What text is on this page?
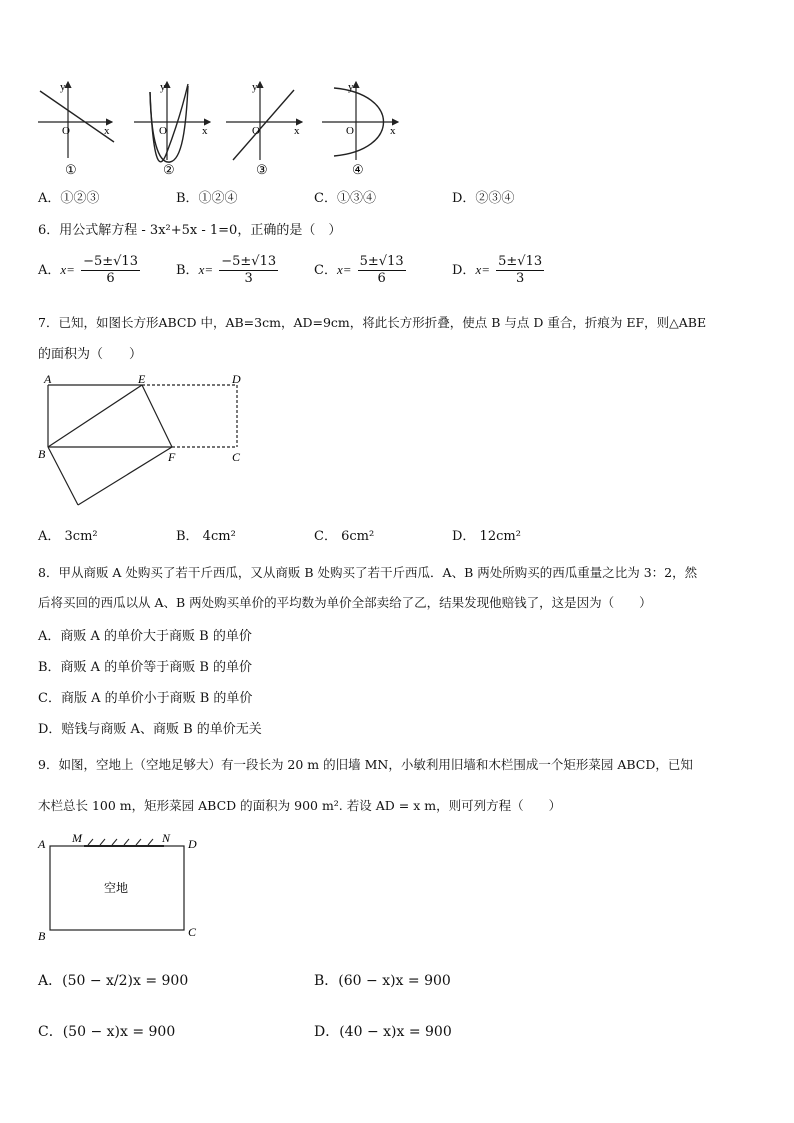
y
O	x
①
y
O	x
②
y
O	x
③
y
O	x
④
A．①②③	B．①②④	C．①③④	D．②③④
6．用公式解方程 - 3x²+5x - 1=0，正确的是（　）
A．$x= \frac{-5\pm√13}{6}$	B．$x= \frac{-5\pm√13}{3}$	C．$x= \frac{5\pm√13}{6}$	D．$x= \frac{5\pm√13}{3}$
7．已知，如图长方形ABCD 中，AB=3cm，AD=9cm，将此长方形折叠，使点 B 与点 D 重合，折痕为 EF，则△ABE
的面积为（　　）
A	E	D
B	F	C
A． 3cm²	B． 4cm²	C． 6cm²	D． 12cm²
8．甲从商贩 A 处购买了若干斤西瓜，又从商贩 B 处购买了若干斤西瓜．A、B 两处所购买的西瓜重量之比为 3：2，然
后将买回的西瓜以从 A、B 两处购买单价的平均数为单价全部卖给了乙，结果发现他赔钱了，这是因为（　　）
A．商贩 A 的单价大于商贩 B 的单价
B．商贩 A 的单价等于商贩 B 的单价
C．商版 A 的单价小于商贩 B 的单价
D．赔钱与商贩 A、商贩 B 的单价无关
9．如图，空地上（空地足够大）有一段长为 20 m 的旧墙 MN，小敏利用旧墙和木栏围成一个矩形菜园 ABCD，已知
木栏总长 100 m，矩形菜园 ABCD 的面积为 900 m². 若设 AD = x m，则可列方程（　　）
A M	N D
B	C
空地
A．(50 − x/2)x = 900	B．(60 − x)x = 900
C．(50 − x)x = 900	D．(40 − x)x = 900
